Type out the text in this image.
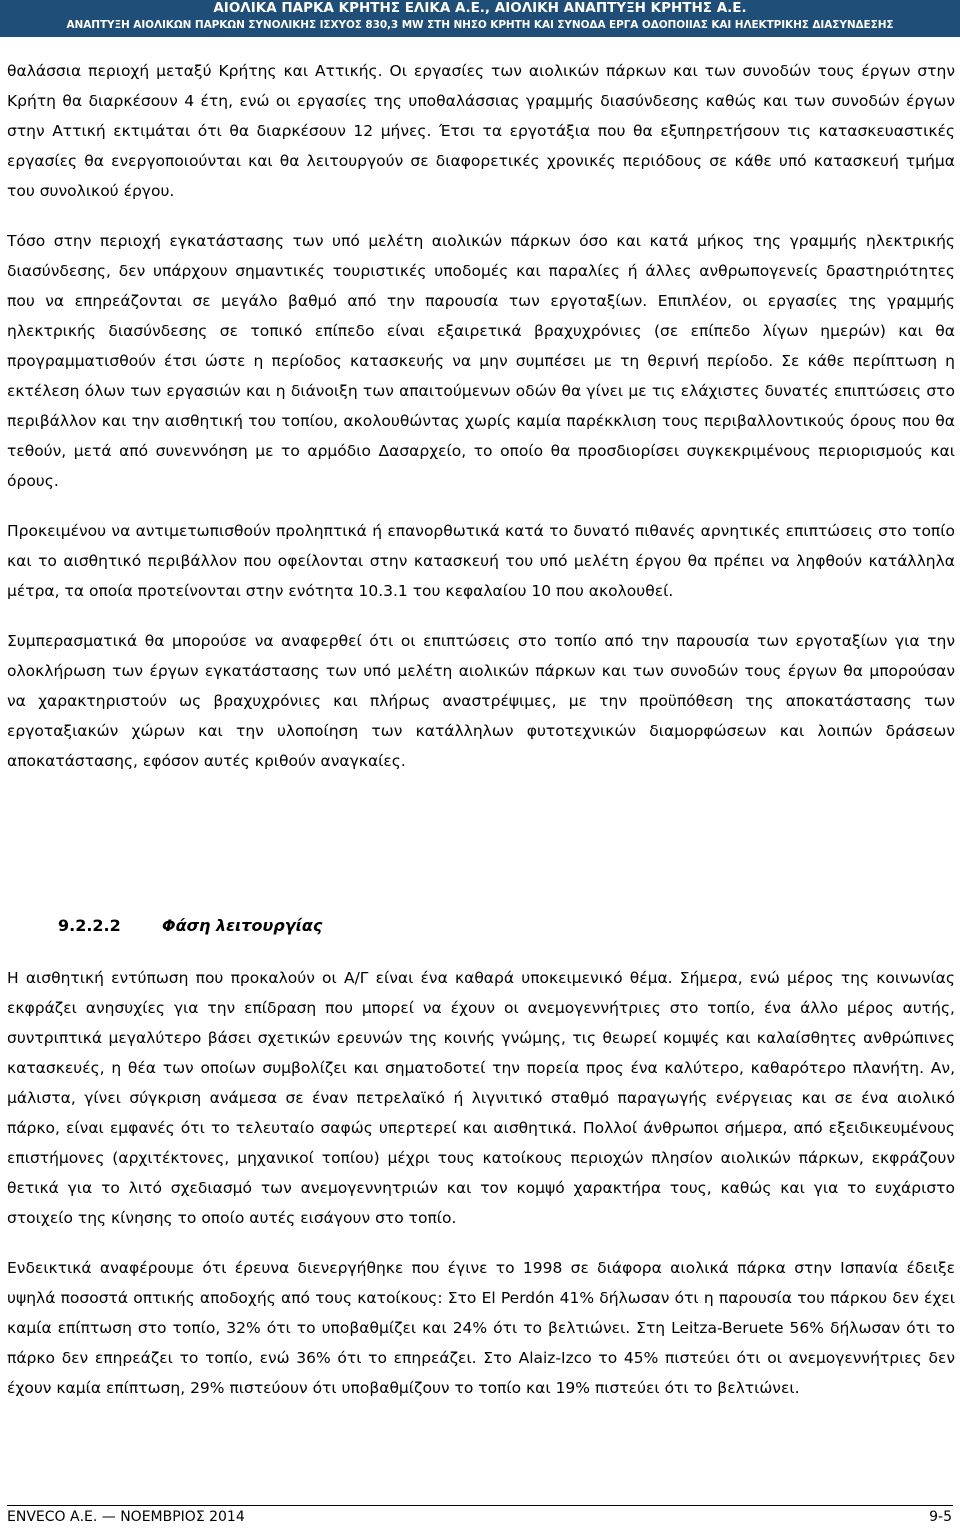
ΑΙΟΛΙΚΑ ΠΑΡΚΑ ΚΡΗΤΗΣ ΕΛΙΚΑ Α.Ε., ΑΙΟΛΙΚΗ ΑΝΑΠΤΥΞΗ ΚΡΗΤΗΣ Α.Ε.
ΑΝΑΠΤΥΞΗ ΑΙΟΛΙΚΩΝ ΠΑΡΚΩΝ ΣΥΝΟΛΙΚΗΣ ΙΣΧΥΟΣ 830,3 MW ΣΤΗ ΝΗΣΟ ΚΡΗΤΗ ΚΑΙ ΣΥΝΟΔΑ ΕΡΓΑ ΟΔΟΠΟΙΙΑΣ ΚΑΙ ΗΛΕΚΤΡΙΚΗΣ ΔΙΑΣΥΝΔΕΣΗΣ

θαλάσσια περιοχή μεταξύ Κρήτης και Αττικής. Οι εργασίες των αιολικών πάρκων και των συνοδών τους έργων στην Κρήτη θα διαρκέσουν 4 έτη, ενώ οι εργασίες της υποθαλάσσιας γραμμής διασύνδεσης καθώς και των συνοδών έργων στην Αττική εκτιμάται ότι θα διαρκέσουν 12 μήνες. Έτσι τα εργοτάξια που θα εξυπηρετήσουν τις κατασκευαστικές εργασίες θα ενεργοποιούνται και θα λειτουργούν σε διαφορετικές χρονικές περιόδους σε κάθε υπό κατασκευή τμήμα του συνολικού έργου.

Τόσο στην περιοχή εγκατάστασης των υπό μελέτη αιολικών πάρκων όσο και κατά μήκος της γραμμής ηλεκτρικής διασύνδεσης, δεν υπάρχουν σημαντικές τουριστικές υποδομές και παραλίες ή άλλες ανθρωπογενείς δραστηριότητες που να επηρεάζονται σε μεγάλο βαθμό από την παρουσία των εργοταξίων. Επιπλέον, οι εργασίες της γραμμής ηλεκτρικής διασύνδεσης σε τοπικό επίπεδο είναι εξαιρετικά βραχυχρόνιες (σε επίπεδο λίγων ημερών) και θα προγραμματισθούν έτσι ώστε η περίοδος κατασκευής να μην συμπέσει με τη θερινή περίοδο. Σε κάθε περίπτωση η εκτέλεση όλων των εργασιών και η διάνοιξη των απαιτούμενων οδών θα γίνει με τις ελάχιστες δυνατές επιπτώσεις στο περιβάλλον και την αισθητική του τοπίου, ακολουθώντας χωρίς καμία παρέκκλιση τους περιβαλλοντικούς όρους που θα τεθούν, μετά από συνεννόηση με το αρμόδιο Δασαρχείο, το οποίο θα προσδιορίσει συγκεκριμένους περιορισμούς και όρους.

Προκειμένου να αντιμετωπισθούν προληπτικά ή επανορθωτικά κατά το δυνατό πιθανές αρνητικές επιπτώσεις στο τοπίο και το αισθητικό περιβάλλον που οφείλονται στην κατασκευή του υπό μελέτη έργου θα πρέπει να ληφθούν κατάλληλα μέτρα, τα οποία προτείνονται στην ενότητα 10.3.1 του κεφαλαίου 10 που ακολουθεί.

Συμπερασματικά θα μπορούσε να αναφερθεί ότι οι επιπτώσεις στο τοπίο από την παρουσία των εργοταξίων για την ολοκλήρωση των έργων εγκατάστασης των υπό μελέτη αιολικών πάρκων και των συνοδών τους έργων θα μπορούσαν να χαρακτηριστούν ως βραχυχρόνιες και πλήρως αναστρέψιμες, με την προϋπόθεση της αποκατάστασης των εργοταξιακών χώρων και την υλοποίηση των κατάλληλων φυτοτεχνικών διαμορφώσεων και λοιπών δράσεων αποκατάστασης, εφόσον αυτές κριθούν αναγκαίες.

9.2.2.2	Φάση λειτουργίας

Η αισθητική εντύπωση που προκαλούν οι Α/Γ είναι ένα καθαρά υποκειμενικό θέμα. Σήμερα, ενώ μέρος της κοινωνίας εκφράζει ανησυχίες για την επίδραση που μπορεί να έχουν οι ανεμογεννήτριες στο τοπίο, ένα άλλο μέρος αυτής, συντριπτικά μεγαλύτερο βάσει σχετικών ερευνών της κοινής γνώμης, τις θεωρεί κομψές και καλαίσθητες ανθρώπινες κατασκευές, η θέα των οποίων συμβολίζει και σηματοδοτεί την πορεία προς ένα καλύτερο, καθαρότερο πλανήτη. Αν, μάλιστα, γίνει σύγκριση ανάμεσα σε έναν πετρελαϊκό ή λιγνιτικό σταθμό παραγωγής ενέργειας και σε ένα αιολικό πάρκο, είναι εμφανές ότι το τελευταίο σαφώς υπερτερεί και αισθητικά. Πολλοί άνθρωποι σήμερα, από εξειδικευμένους επιστήμονες (αρχιτέκτονες, μηχανικοί τοπίου) μέχρι τους κατοίκους περιοχών πλησίον αιολικών πάρκων, εκφράζουν θετικά για το λιτό σχεδιασμό των ανεμογεννητριών και τον κομψό χαρακτήρα τους, καθώς και για το ευχάριστο στοιχείο της κίνησης το οποίο αυτές εισάγουν στο τοπίο.

Ενδεικτικά αναφέρουμε ότι έρευνα διενεργήθηκε που έγινε το 1998 σε διάφορα αιολικά πάρκα στην Ισπανία έδειξε υψηλά ποσοστά οπτικής αποδοχής από τους κατοίκους: Στο El Perdón 41% δήλωσαν ότι η παρουσία του πάρκου δεν έχει καμία επίπτωση στο τοπίο, 32% ότι το υποβαθμίζει και 24% ότι το βελτιώνει. Στη Leitza-Beruete 56% δήλωσαν ότι το πάρκο δεν επηρεάζει το τοπίο, ενώ 36% ότι το επηρεάζει. Στο Alaiz-Izco το 45% πιστεύει ότι οι ανεμογεννήτριες δεν έχουν καμία επίπτωση, 29% πιστεύουν ότι υποβαθμίζουν το τοπίο και 19% πιστεύει ότι το βελτιώνει.

ENVECO Α.Ε. — ΝΟΕΜΒΡΙΟΣ 2014	9-5
